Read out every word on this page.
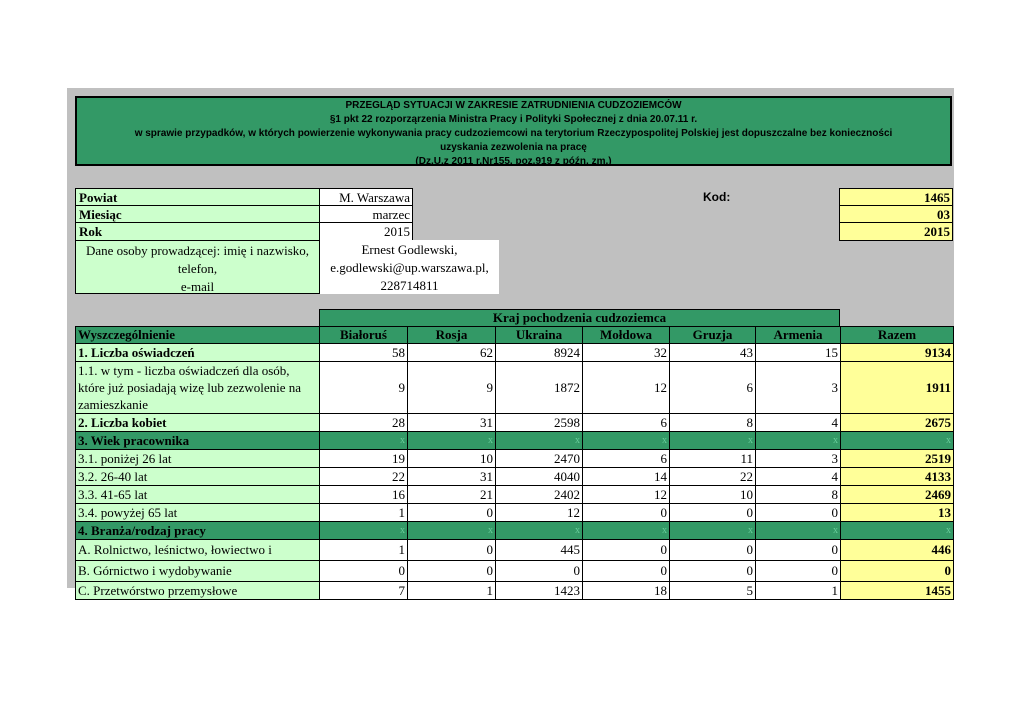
PRZEGLĄD SYTUACJI W ZAKRESIE ZATRUDNIENIA CUDZOZIEMCÓW
§1 pkt 22 rozporząrzenia Ministra Pracy i Polityki Społecznej z dnia 20.07.11 r.
w sprawie przypadków, w których powierzenie wykonywania pracy cudzoziemcowi na terytorium Rzeczypospolitej Polskiej jest dopuszczalne bez konieczności
uzyskania zezwolenia na pracę
(Dz.U.z 2011 r.Nr155, poz.919 z późn. zm.)
Powiat	M. Warszawa
Miesiąc	marzec
Rok	2015
Dane osoby prowadzącej: imię i nazwisko,
telefon,
e-mail
Ernest Godlewski,
e.godlewski@up.warszawa.pl,
228714811
Kod:	1465
03
2015
Kraj pochodzenia cudzoziemca
Wyszczególnienie	Białoruś	Rosja	Ukraina	Mołdowa	Gruzja	Armenia	Razem
1. Liczba oświadczeń	58	62	8924	32	43	15	9134
1.1. w tym - liczba oświadczeń dla osób, które już posiadają wizę lub zezwolenie na zamieszkanie	9	9	1872	12	6	3	1911
2. Liczba kobiet	28	31	2598	6	8	4	2675
3. Wiek pracownika	x	x	x	x	x	x	x
3.1. poniżej 26 lat	19	10	2470	6	11	3	2519
3.2. 26-40 lat	22	31	4040	14	22	4	4133
3.3. 41-65 lat	16	21	2402	12	10	8	2469
3.4. powyżej 65 lat	1	0	12	0	0	0	13
4. Branża/rodzaj pracy	x	x	x	x	x	x	x
A. Rolnictwo, leśnictwo, łowiectwo i	1	0	445	0	0	0	446
B. Górnictwo i wydobywanie	0	0	0	0	0	0	0
C. Przetwórstwo przemysłowe	7	1	1423	18	5	1	1455
